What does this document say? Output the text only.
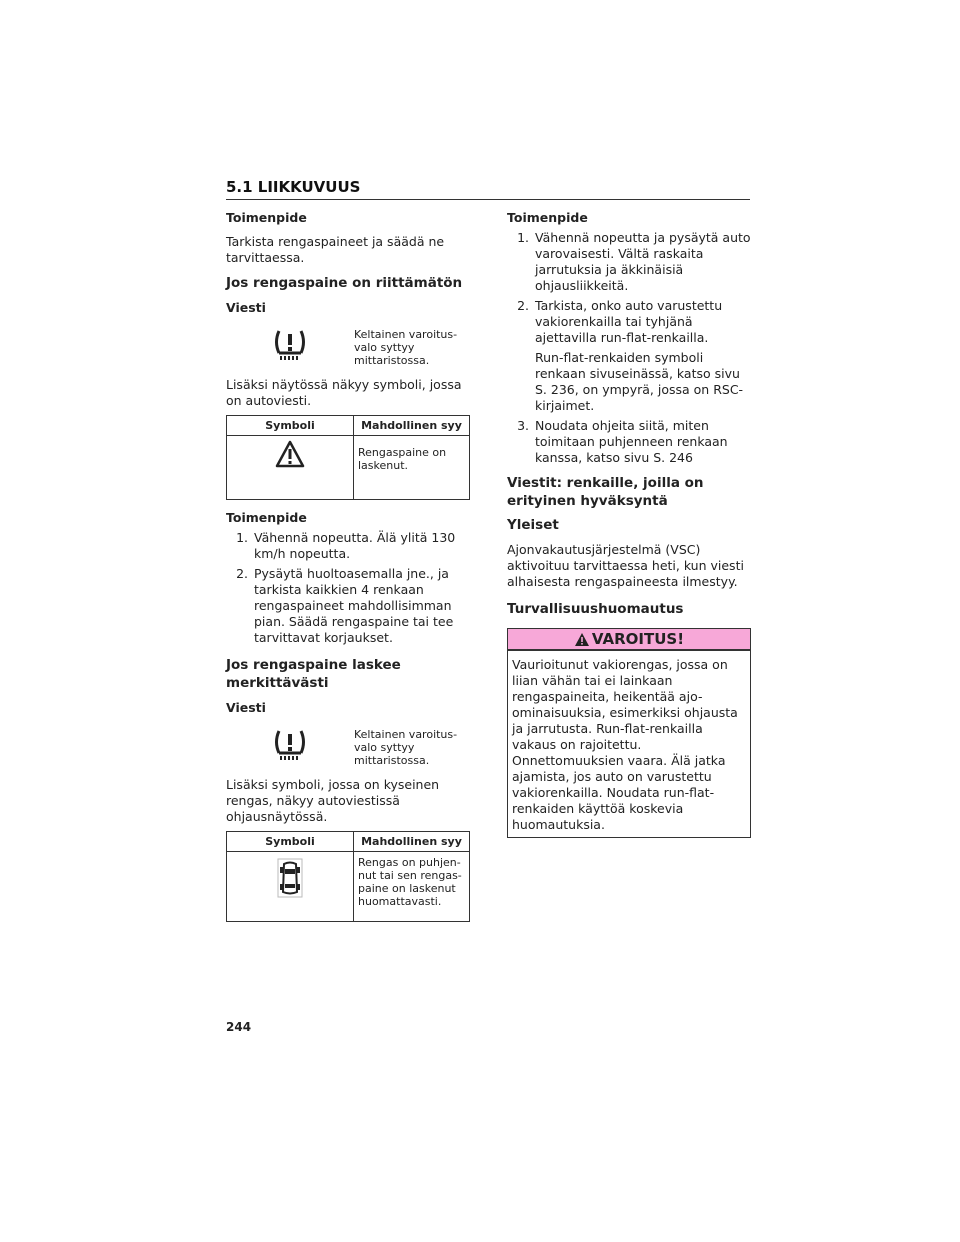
5.1 LIIKKUVUUS

Toimenpide

Tarkista rengaspaineet ja säädä ne tarvittaessa.

Jos rengaspaine on riittämätön

Viesti

Keltainen varoitus-valo syttyy mittaristossa.

Lisäksi näytössä näkyy symboli, jossa on autoviesti.

Symboli	Mahdollinen syy
	Rengaspaine on laskenut.

Toimenpide

1. Vähennä nopeutta. Älä ylitä 130 km/h nopeutta.
2. Pysäytä huoltoasemalla jne., ja tarkista kaikkien 4 renkaan rengaspaineet mahdollisimman pian. Säädä rengaspaine tai tee tarvittavat korjaukset.

Jos rengaspaine laskee merkittävästi

Viesti

Keltainen varoitus-valo syttyy mittaristossa.

Lisäksi symboli, jossa on kyseinen rengas, näkyy autoviestissä ohjausnäytössä.

Symboli	Mahdollinen syy
	Rengas on puhjen-nut tai sen rengas-paine on laskenut huomattavasti.

Toimenpide

1. Vähennä nopeutta ja pysäytä auto varovaisesti. Vältä raskaita jarrutuksia ja äkkinäisiä ohjausliikkeitä.
2. Tarkista, onko auto varustettu vakiorenkailla tai tyhjänä ajettavilla run-flat-renkailla.
Run-flat-renkaiden symboli renkaan sivuseinässä, katso sivu S. 236, on ympyrä, jossa on RSC-kirjaimet.
3. Noudata ohjeita siitä, miten toimitaan puhjenneen renkaan kanssa, katso sivu S. 246

Viestit: renkaille, joilla on erityinen hyväksyntä

Yleiset

Ajonvakautusjärjestelmä (VSC) aktivoituu tarvittaessa heti, kun viesti alhaisesta rengaspaineesta ilmestyy.

Turvallisuushuomautus

VAROITUS!
Vaurioitunut vakiorengas, jossa on liian vähän tai ei lainkaan rengaspaineita, heikentää ajo-ominaisuuksia, esimerkiksi ohjausta ja jarrutusta. Run-flat-renkailla vakaus on rajoitettu. Onnettomuuksien vaara. Älä jatka ajamista, jos auto on varustettu vakiorenkailla. Noudata run-flat-renkaiden käyttöä koskevia huomautuksia.
244
